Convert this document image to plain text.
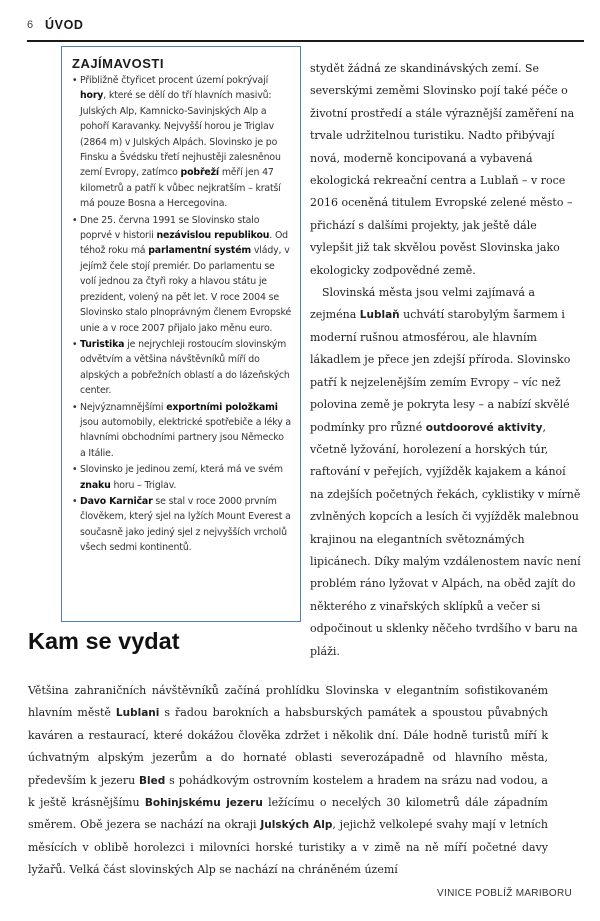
6 ÚVOD
ZAJÍMAVOSTI
• Přibližně čtyřicet procent území pokrývají hory, které se dělí do tří hlavních masivů: Julských Alp, Kamnicko-Savinjských Alp a pohoří Karavanky. Nejvyšší horou je Triglav (2864 m) v Julských Alpách. Slovinsko je po Finsku a Švédsku třetí nejhustěji zalesněnou zemí Evropy, zatímco pobřeží měří jen 47 kilometrů a patří k vůbec nejkratším – kratší má pouze Bosna a Hercegovina.
• Dne 25. června 1991 se Slovinsko stalo poprvé v historii nezávislou republikou. Od téhož roku má parlamentní systém vlády, v jejímž čele stojí premiér. Do parlamentu se volí jednou za čtyři roky a hlavou státu je prezident, volený na pět let. V roce 2004 se Slovinsko stalo plnoprávným členem Evropské unie a v roce 2007 přijalo jako měnu euro.
• Turistika je nejrychleji rostoucím slovinským odvětvím a většina návštěvníků míří do alpských a pobřežních oblastí a do lázeňských center.
• Nejvýznamnějšími exportními položkami jsou automobily, elektrické spotřebiče a léky a hlavními obchodními partnery jsou Německo a Itálie.
• Slovinsko je jedinou zemí, která má ve svém znaku horu – Triglav.
• Davo Karničar se stal v roce 2000 prvním člověkem, který sjel na lyžích Mount Everest a současně jako jediný sjel z nejvyšších vrcholů všech sedmi kontinentů.

stydět žádná ze skandinávských zemí. Se severskými zeměmi Slovinsko pojí také péče o životní prostředí a stále výraznější zaměření na trvale udržitelnou turistiku. Nadto přibývají nová, moderně koncipovaná a vybavená ekologická rekreační centra a Lublaň – v roce 2016 oceněná titulem Evropské zelené město – přichází s dalšími projekty, jak ještě dále vylepšit již tak skvělou pověst Slovinska jako ekologicky zodpovědné země.

Slovinská města jsou velmi zajímavá a zejména Lublaň uchvátí starobylým šarmem i moderní rušnou atmosférou, ale hlavním lákadlem je přece jen zdejší příroda. Slovinsko patří k nejzelenějším zemím Evropy – víc než polovina země je pokryta lesy – a nabízí skvělé podmínky pro různé outdoorové aktivity, včetně lyžování, horolezení a horských túr, raftování v peřejích, vyjížděk kajakem a kánoí na zdejších početných řekách, cyklistiky v mírně zvlněných kopcích a lesích či vyjížděk malebnou krajinou na elegantních světoznámých lipicánech. Díky malým vzdálenostem navíc není problém ráno lyžovat v Alpách, na oběd zajít do některého z vinařských sklípků a večer si odpočinout u sklenky něčeho tvrdšího v baru na pláži.

Kam se vydat
Většina zahraničních návštěvníků začíná prohlídku Slovinska v elegantním sofistikovaném hlavním městě Lublani s řadou barokních a habsburských památek a spoustou půvabných kaváren a restaurací, které dokážou člověka zdržet i několik dní. Dále hodně turistů míří k úchvatným alpským jezerům a do hornaté oblasti severozápadně od hlavního města, především k jezeru Bled s pohádkovým ostrovním kostelem a hradem na srázu nad vodou, a k ještě krásnějšímu Bohinjskému jezeru ležícímu o necelých 30 kilometrů dále západním směrem. Obě jezera se nachází na okraji Julských Alp, jejichž velkolepé svahy mají v letních měsících v oblibě horolezci i milovníci horské turistiky a v zimě na ně míří početné davy lyžařů. Velká část slovinských Alp se nachází na chráněném území
VINICE POBLÍŽ MARIBORU
